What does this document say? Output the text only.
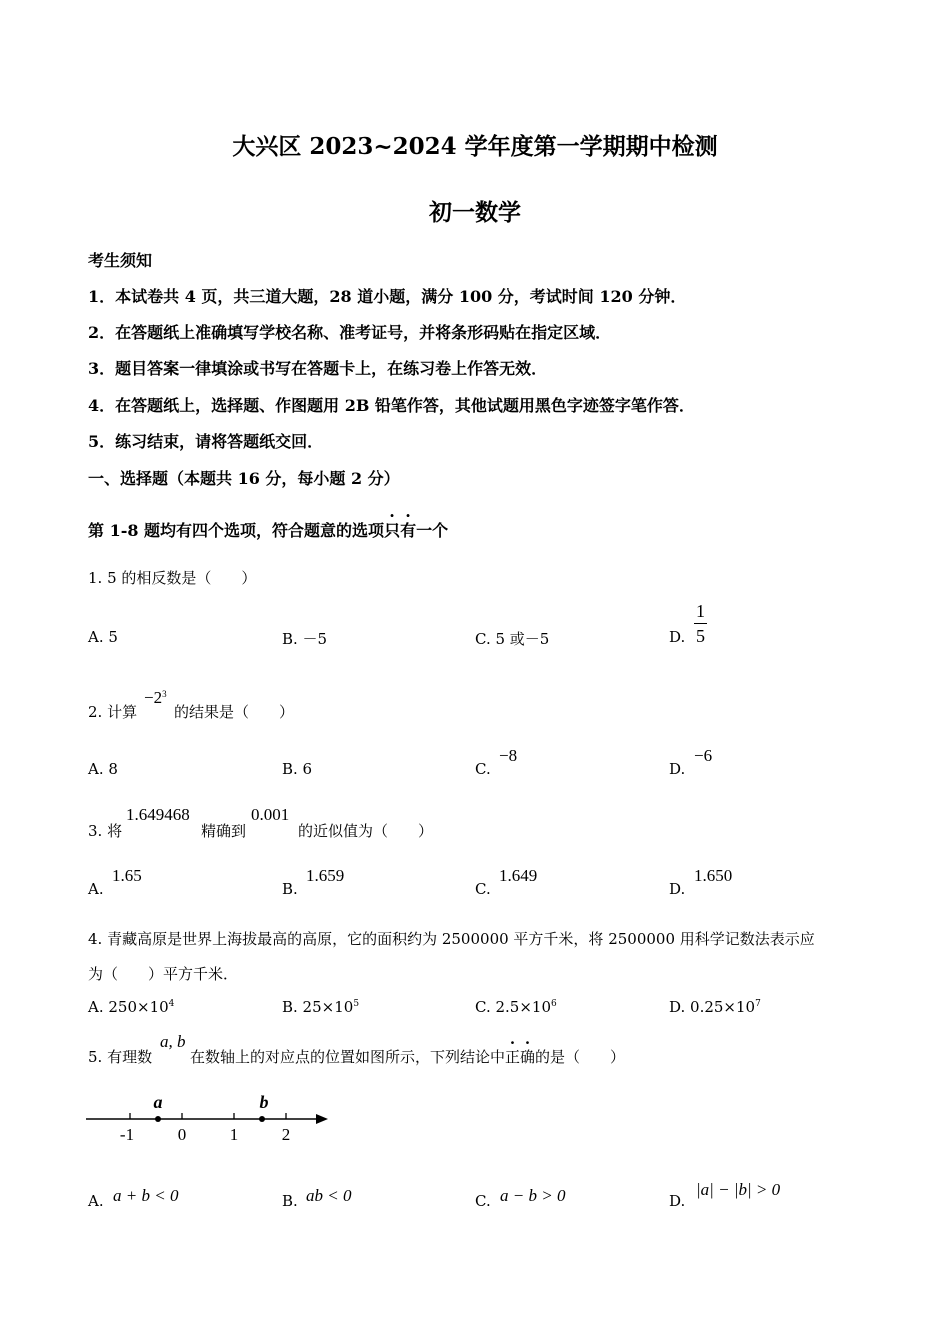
大兴区 2023~2024 学年度第一学期期中检测
初一数学
考生须知
1．本试卷共 4 页，共三道大题，28 道小题，满分 100 分，考试时间 120 分钟．
2．在答题纸上准确填写学校名称、准考证号，并将条形码贴在指定区域．
3．题目答案一律填涂或书写在答题卡上，在练习卷上作答无效．
4．在答题纸上，选择题、作图题用 2B 铅笔作答，其他试题用黑色字迹签字笔作答．
5．练习结束，请将答题纸交回．
一、选择题（本题共 16 分，每小题 2 分）
第 1-8 题均有四个选项，符合题意的选项只有一个
1. 5 的相反数是（　　）
A. 5	B. －5	C. 5 或－5	D. $\frac{1}{5}$
2. 计算
$-2^3$
的结果是（　　）
A. 8	B. 6	C.
−8
D.
−6
3. 将
1.649468
精确到
0.001
的近似值为（　　）
A.
1.65
B.
1.659
C.
1.649
D.
1.650
4. 青藏高原是世界上海拔最高的高原，它的面积约为 2500000 平方千米，将 2500000 用科学记数法表示应
为（　　）平方千米．
A. $250\times 10^4$	B. $25\times 10^5$	C. $2.5\times 10^6$	D. $0.25\times 10^7$
5. 有理数
a, b
在数轴上的对应点的位置如图所示，下列结论中正确的是（　　）
a	b
-1	0	1	2
A. a + b < 0	B. ab < 0	C. a − b > 0	D.
|a| − |b| > 0
